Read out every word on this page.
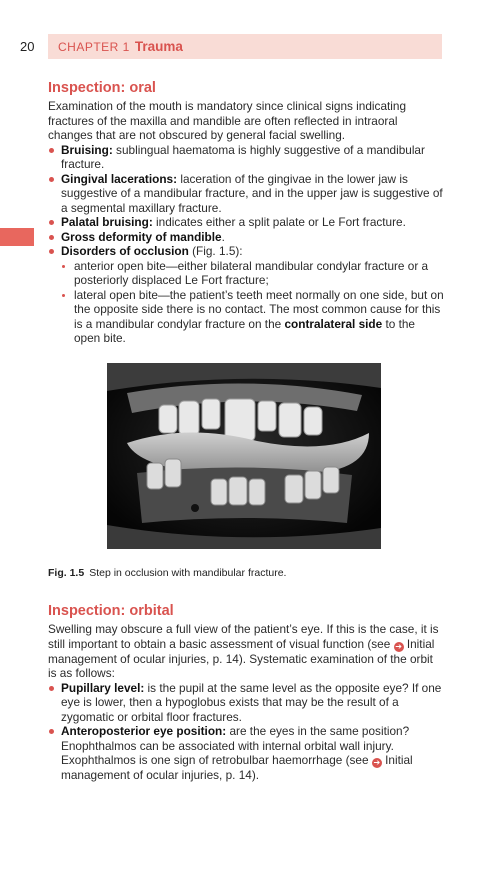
20 CHAPTER 1 Trauma
Inspection: oral

Examination of the mouth is mandatory since clinical signs indicating fractures of the maxilla and mandible are often reflected in intraoral changes that are not obscured by general facial swelling.

Bruising: sublingual haematoma is highly suggestive of a mandibular fracture.
Gingival lacerations: laceration of the gingivae in the lower jaw is suggestive of a mandibular fracture, and in the upper jaw is suggestive of a segmental maxillary fracture.
Palatal bruising: indicates either a split palate or Le Fort fracture.
Gross deformity of mandible.
Disorders of occlusion (Fig. 1.5):
anterior open bite—either bilateral mandibular condylar fracture or a posteriorly displaced Le Fort fracture;
lateral open bite—the patient’s teeth meet normally on one side, but on the opposite side there is no contact. The most common cause for this is a mandibular condylar fracture on the contralateral side to the open bite.
Fig. 1.5 Step in occlusion with mandibular fracture.
Inspection: orbital

Swelling may obscure a full view of the patient’s eye. If this is the case, it is still important to obtain a basic assessment of visual function (see ➔ Initial management of ocular injuries, p. 14). Systematic examination of the orbit is as follows:

Pupillary level: is the pupil at the same level as the opposite eye? If one eye is lower, then a hypoglobus exists that may be the result of a zygomatic or orbital floor fractures.
Anteroposterior eye position: are the eyes in the same position? Enophthalmos can be associated with internal orbital wall injury. Exophthalmos is one sign of retrobulbar haemorrhage (see ➔ Initial management of ocular injuries, p. 14).
